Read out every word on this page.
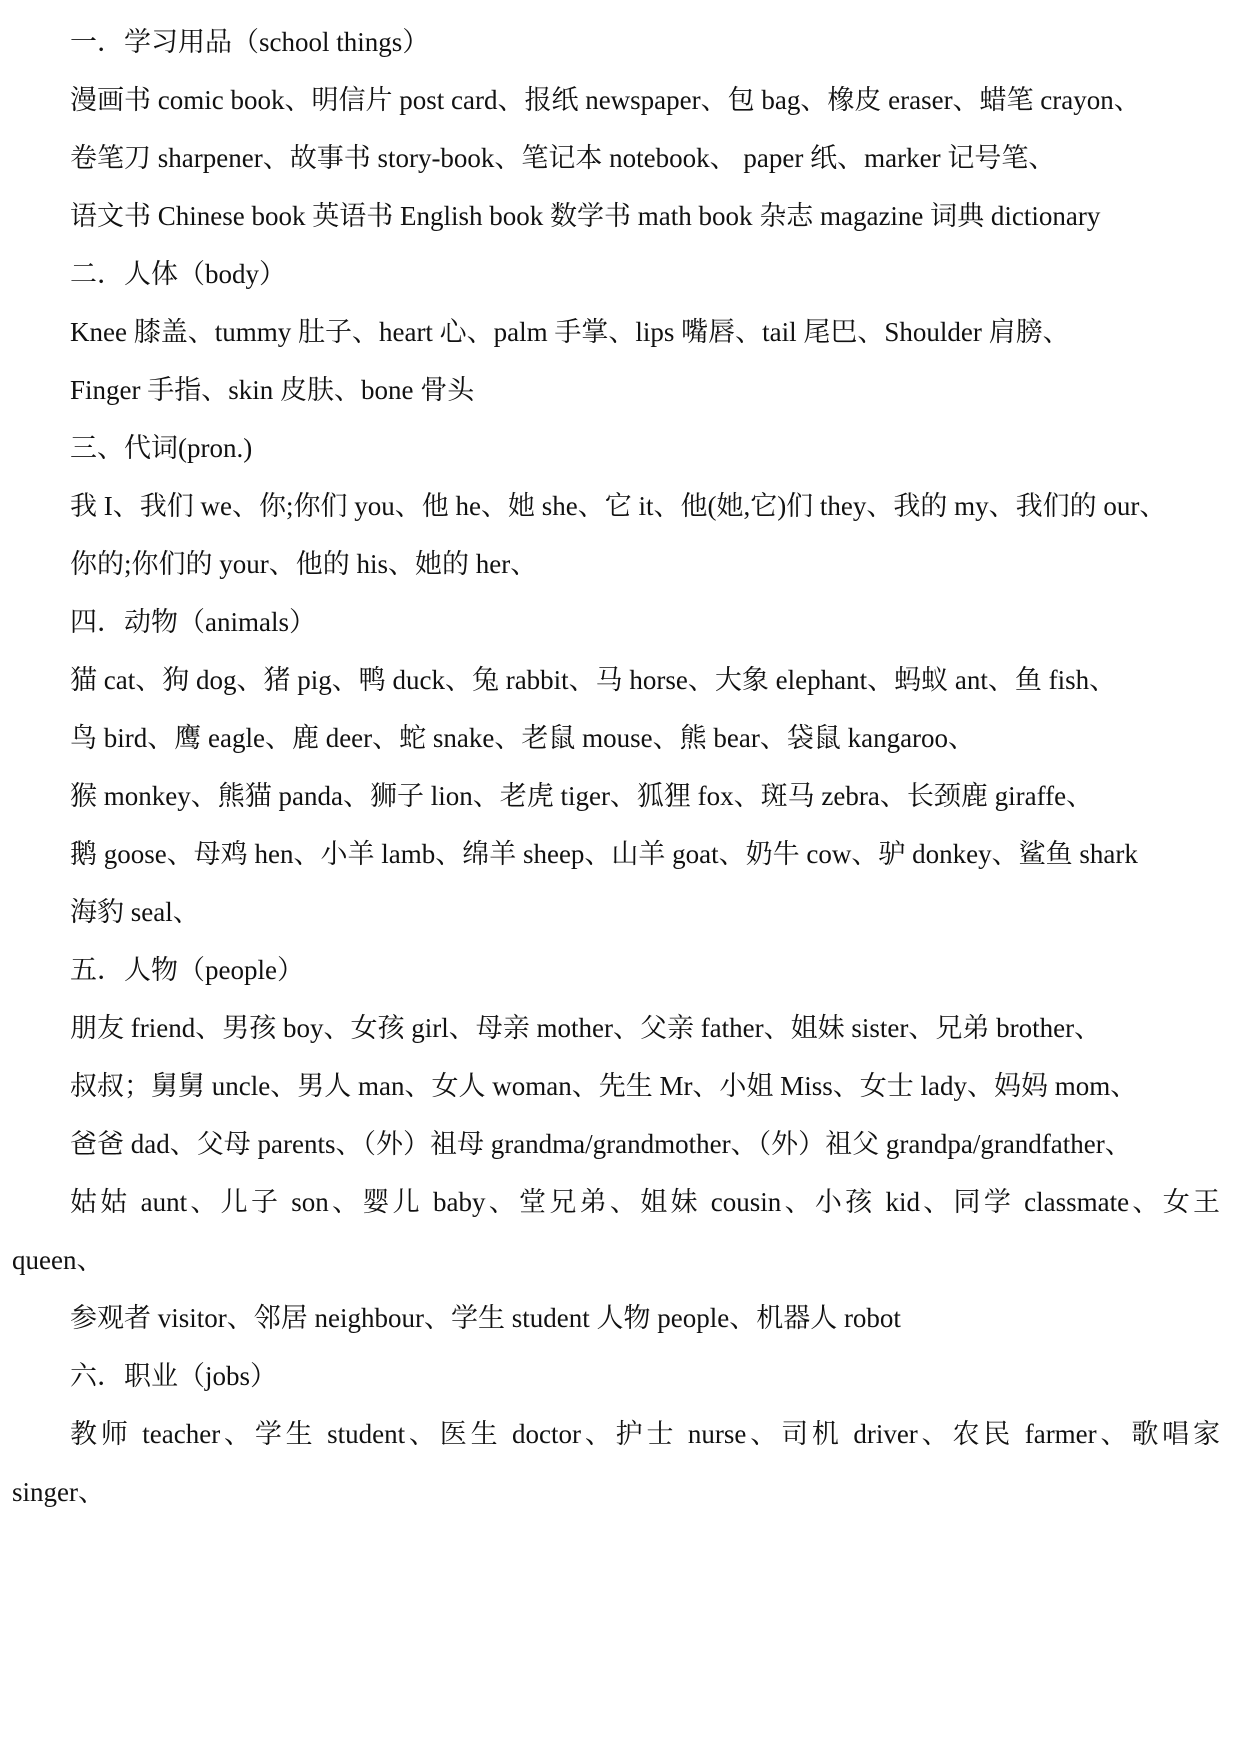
一．学习用品（school things）
漫画书 comic book、明信片 post card、报纸 newspaper、包 bag、橡皮 eraser、蜡笔 crayon、
卷笔刀 sharpener、故事书 story-book、笔记本 notebook、 paper 纸、marker 记号笔、
语文书 Chinese book 英语书 English book 数学书 math book 杂志 magazine 词典 dictionary
二．人体（body）
Knee 膝盖、tummy 肚子、heart 心、palm 手掌、lips 嘴唇、tail 尾巴、Shoulder 肩膀、
Finger 手指、skin 皮肤、bone 骨头
三、代词(pron.)
我 I、我们 we、你;你们 you、他 he、她 she、它 it、他(她,它)们 they、我的 my、我们的 our、
你的;你们的 your、他的 his、她的 her、
四．动物（animals）
猫 cat、狗 dog、猪 pig、鸭 duck、兔 rabbit、马 horse、大象 elephant、蚂蚁 ant、鱼 fish、
鸟 bird、鹰 eagle、鹿 deer、蛇 snake、老鼠 mouse、熊 bear、袋鼠 kangaroo、
猴 monkey、熊猫 panda、狮子 lion、老虎 tiger、狐狸 fox、斑马 zebra、长颈鹿 giraffe、
鹅 goose、母鸡 hen、小羊 lamb、绵羊 sheep、山羊 goat、奶牛 cow、驴 donkey、鲨鱼 shark
海豹 seal、
五．人物（people）
朋友 friend、男孩 boy、女孩 girl、母亲 mother、父亲 father、姐妹 sister、兄弟 brother、
叔叔；舅舅 uncle、男人 man、女人 woman、先生 Mr、小姐 Miss、女士 lady、妈妈 mom、
爸爸 dad、父母 parents、（外）祖母 grandma/grandmother、（外）祖父 grandpa/grandfather、
姑姑 aunt、儿子 son、婴儿 baby、堂兄弟、姐妹 cousin、小孩 kid、同学 classmate、女王
queen、
参观者 visitor、邻居 neighbour、学生 student 人物 people、机器人 robot
六．职业（jobs）
教师 teacher、学生 student、医生 doctor、护士 nurse、司机 driver、农民 farmer、歌唱家
singer、
